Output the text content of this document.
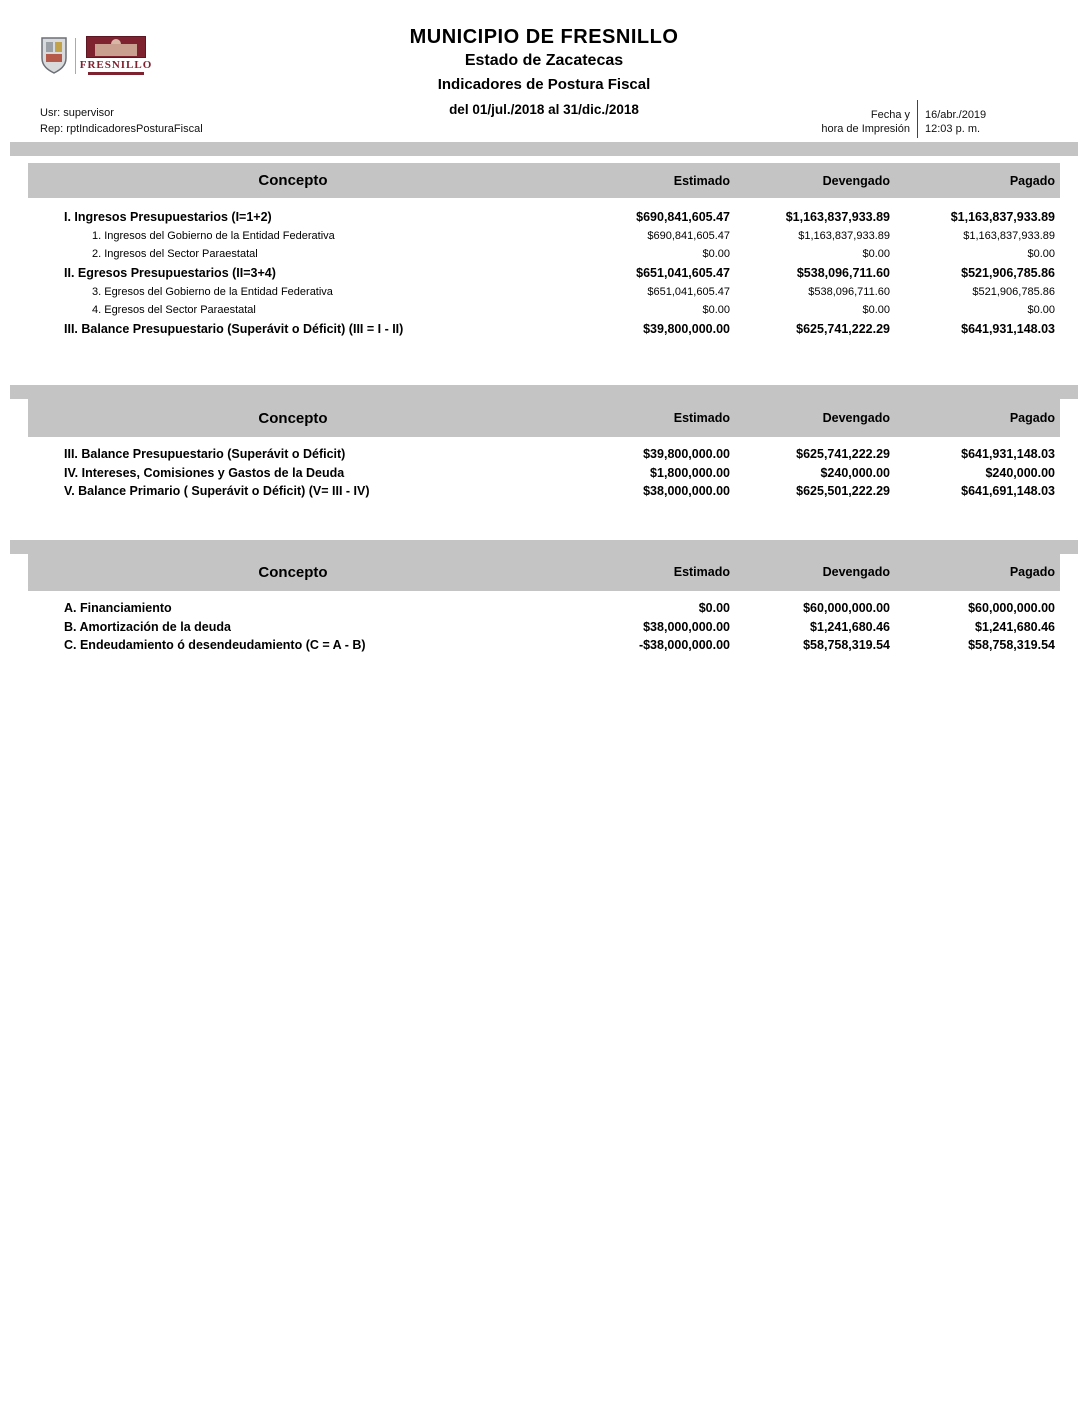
FRESNILLO
MUNICIPIO DE FRESNILLO
Estado de Zacatecas
Indicadores de Postura Fiscal
del 01/jul./2018 al 31/dic./2018
Usr: supervisor
Rep: rptIndicadoresPosturaFiscal
Fecha y
hora de Impresión
16/abr./2019
12:03 p. m.
Concepto	Estimado	Devengado	Pagado
I. Ingresos Presupuestarios (I=1+2)	$690,841,605.47	$1,163,837,933.89	$1,163,837,933.89
1. Ingresos del Gobierno de la Entidad Federativa	$690,841,605.47	$1,163,837,933.89	$1,163,837,933.89
2. Ingresos del Sector Paraestatal	$0.00	$0.00	$0.00
II. Egresos Presupuestarios (II=3+4)	$651,041,605.47	$538,096,711.60	$521,906,785.86
3. Egresos del Gobierno de la Entidad Federativa	$651,041,605.47	$538,096,711.60	$521,906,785.86
4. Egresos del Sector Paraestatal	$0.00	$0.00	$0.00
III. Balance Presupuestario (Superávit o Déficit) (III = I - II)	$39,800,000.00	$625,741,222.29	$641,931,148.03
Concepto	Estimado	Devengado	Pagado
III. Balance Presupuestario (Superávit o Déficit)	$39,800,000.00	$625,741,222.29	$641,931,148.03
IV. Intereses, Comisiones y Gastos de la Deuda	$1,800,000.00	$240,000.00	$240,000.00
V. Balance Primario ( Superávit o Déficit) (V= III - IV)	$38,000,000.00	$625,501,222.29	$641,691,148.03
Concepto	Estimado	Devengado	Pagado
A. Financiamiento	$0.00	$60,000,000.00	$60,000,000.00
B. Amortización de la deuda	$38,000,000.00	$1,241,680.46	$1,241,680.46
C. Endeudamiento ó desendeudamiento (C = A - B)	-$38,000,000.00	$58,758,319.54	$58,758,319.54
